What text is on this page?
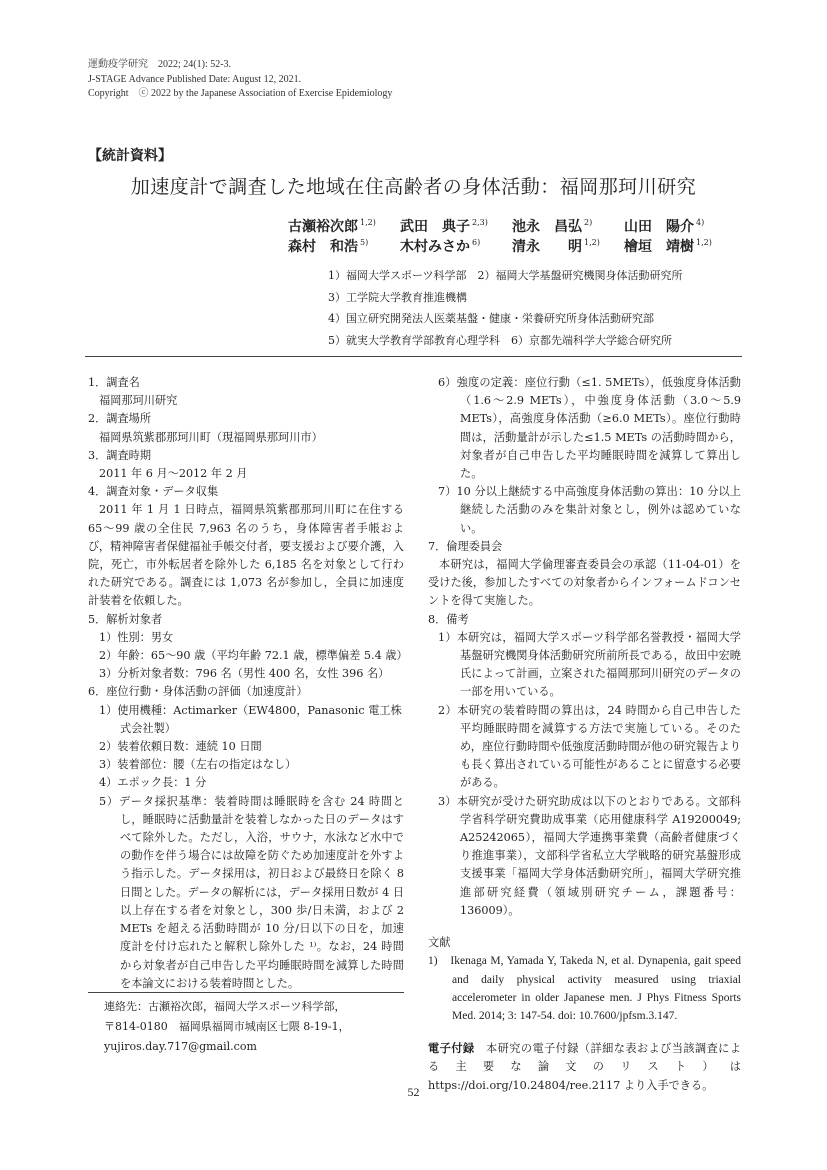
運動疫学研究　2022; 24(1): 52-3.
J-STAGE Advance Published Date: August 12, 2021.
Copyright　ⓒ 2022 by the Japanese Association of Exercise Epidemiology
【統計資料】
加速度計で調査した地域在住高齢者の身体活動：福岡那珂川研究
古瀬裕次郎 $^{1,2)}$ 武田　典子 $^{2,3)}$ 池永　昌弘 $^{2)}$ 山田　陽介 $^{4)}$
森村　和浩 $^{5)}$ 木村みさか $^{6)}$ 清永　　明 $^{1,2)}$ 檜垣　靖樹 $^{1,2)}$
1）福岡大学スポーツ科学部　2）福岡大学基盤研究機関身体活動研究所
3）工学院大学教育推進機構
4）国立研究開発法人医薬基盤・健康・栄養研究所身体活動研究部
5）就実大学教育学部教育心理学科　6）京都先端科学大学総合研究所

1．調査名

福岡那珂川研究

2．調査場所

福岡県筑紫郡那珂川町（現福岡県那珂川市）

3．調査時期

2011 年 6 月～2012 年 2 月

4．調査対象・データ収集

2011 年 1 月 1 日時点，福岡県筑紫郡那珂川町に在住する 65～99 歳の全住民 7,963 名のうち，身体障害者手帳および，精神障害者保健福祉手帳交付者，要支援および要介護，入院，死亡，市外転居者を除外した 6,185 名を対象として行われた研究である。調査には 1,073 名が参加し，全員に加速度計装着を依頼した。

5．解析対象者

1）性別：男女

2）年齢：65～90 歳（平均年齢 72.1 歳，標準偏差 5.4 歳）

3）分析対象者数：796 名（男性 400 名，女性 396 名）

6．座位行動・身体活動の評価（加速度計）

1）使用機種：Actimarker（EW4800，Panasonic 電工株式会社製）

2）装着依頼日数：連続 10 日間

3）装着部位：腰（左右の指定はなし）

4）エポック長：1 分

5）データ採択基準：装着時間は睡眠時を含む 24 時間とし，睡眠時に活動量計を装着しなかった日のデータはすべて除外した。ただし，入浴，サウナ，水泳など水中での動作を伴う場合には故障を防ぐため加速度計を外すよう指示した。データ採用は，初日および最終日を除く 8 日間とした。データの解析には，データ採用日数が 4 日以上存在する者を対象とし，300 歩/日未満，および 2 METs を超える活動時間が 10 分/日以下の日を，加速度計を付け忘れたと解釈し除外した ¹⁾。なお，24 時間から対象者が自己申告した平均睡眠時間を減算した時間を本論文における装着時間とした。

連絡先：古瀬裕次郎，福岡大学スポーツ科学部，
〒814-0180　福岡県福岡市城南区七隈 8-19-1，
yujiros.day.717@gmail.com

6）強度の定義：座位行動（≤1. 5METs），低強度身体活動（1.6～2.9 METs），中強度身体活動（3.0～5.9 METs），高強度身体活動（≥6.0 METs）。座位行動時間は，活動量計が示した≤1.5 METs の活動時間から，対象者が自己申告した平均睡眠時間を減算して算出した。

7）10 分以上継続する中高強度身体活動の算出：10 分以上継続した活動のみを集計対象とし，例外は認めていない。

7．倫理委員会

本研究は，福岡大学倫理審査委員会の承認（11-04-01）を受けた後，参加したすべての対象者からインフォームドコンセントを得て実施した。

8．備考

1）本研究は，福岡大学スポーツ科学部名誉教授・福岡大学基盤研究機関身体活動研究所前所長である，故田中宏暁氏によって計画，立案された福岡那珂川研究のデータの一部を用いている。

2）本研究の装着時間の算出は，24 時間から自己申告した平均睡眠時間を減算する方法で実施している。そのため，座位行動時間や低強度活動時間が他の研究報告よりも長く算出されている可能性があることに留意する必要がある。

3）本研究が受けた研究助成は以下のとおりである。文部科学省科学研究費助成事業（応用健康科学 A19200049; A25242065），福岡大学連携事業費（高齢者健康づくり推進事業），文部科学省私立大学戦略的研究基盤形成支援事業「福岡大学身体活動研究所」，福岡大学研究推進部研究経費（領域別研究チーム，課題番号：136009）。

文献

1)　Ikenaga M, Yamada Y, Takeda N, et al. Dynapenia, gait speed and daily physical activity measured using triaxial accelerometer in older Japanese men. J Phys Fitness Sports Med. 2014; 3: 147-54. doi: 10.7600/jpfsm.3.147.

電子付録　本研究の電子付録（詳細な表および当該調査による主要な論文のリスト）は https://doi.org/10.24804/ree.2117 より入手できる。

52
